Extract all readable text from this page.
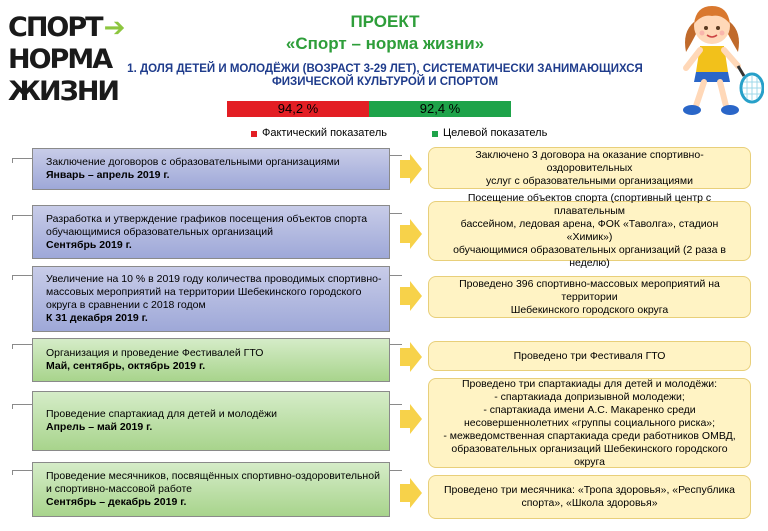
СПОРТ➔
НОРМА
ЖИЗНИ
ПРОЕКТ
«Спорт – норма жизни»
1. ДОЛЯ ДЕТЕЙ И МОЛОДЁЖИ (ВОЗРАСТ 3-29 ЛЕТ), СИСТЕМАТИЧЕСКИ ЗАНИМАЮЩИХСЯ
ФИЗИЧЕСКОЙ КУЛЬТУРОЙ И СПОРТОМ
94,2 %	92,4 %
Фактический показатель	Целевой показатель
Заключение договоров с образовательными организациями
Январь – апрель 2019 г.
Заключено 3 договора на оказание спортивно-оздоровительных
услуг с образовательными организациями
Разработка и утверждение графиков посещения объектов спорта
обучающимися образовательных организаций
Сентябрь 2019 г.
Посещение объектов спорта (спортивный центр с плавательным
бассейном, ледовая арена, ФОК «Таволга», стадион «Химик»)
обучающимися образовательных организаций (2 раза в неделю)
Увеличение на 10 % в 2019 году количества проводимых спортивно-
массовых мероприятий на территории Шебекинского городского
округа в сравнении с 2018 годом
К 31 декабря 2019 г.
Проведено 396 спортивно-массовых мероприятий на территории
Шебекинского городского округа
Организация и проведение Фестивалей ГТО
Май, сентябрь, октябрь 2019 г.
Проведено три Фестиваля ГТО
Проведение спартакиад для детей и молодёжи
Апрель – май 2019 г.
Проведено три спартакиады для детей и молодёжи:
- спартакиада допризывной молодежи;
- спартакиада имени А.С. Макаренко среди
несовершеннолетних «группы социального риска»;
- межведомственная спартакиада среди работников ОМВД,
образовательных организаций Шебекинского городского
округа
Проведение месячников, посвящённых спортивно-оздоровительной
и спортивно-массовой работе
Сентябрь – декабрь 2019 г.
Проведено три месячника: «Тропа здоровья», «Республика
спорта», «Школа здоровья»
